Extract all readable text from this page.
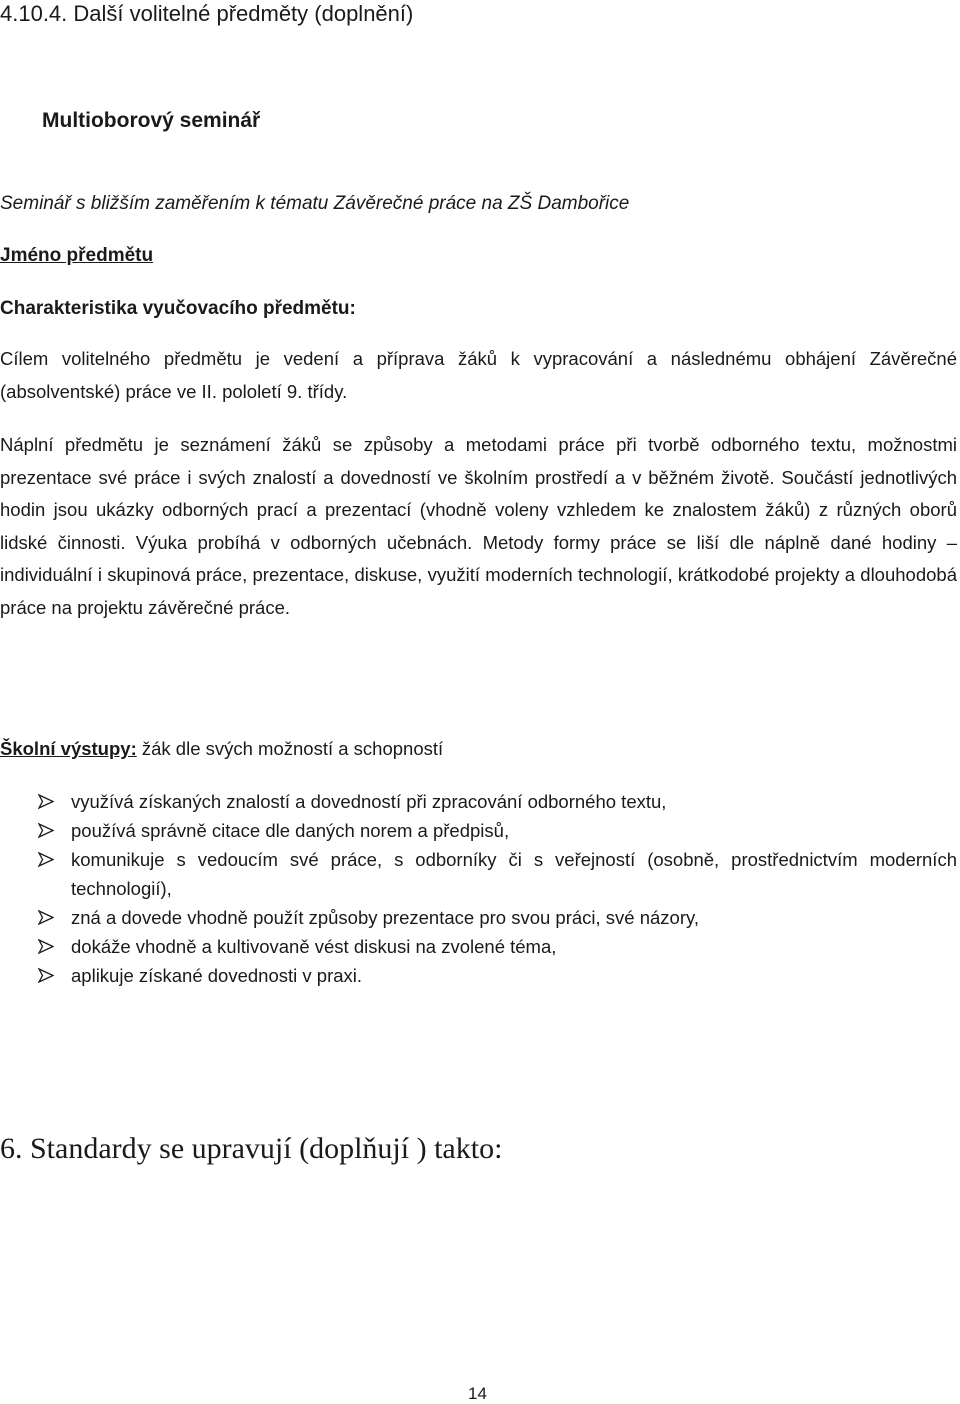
4.10.4. Další volitelné předměty (doplnění)
Multioborový seminář
Seminář s bližším zaměřením k tématu Závěrečné práce na ZŠ Dambořice
Jméno předmětu
Charakteristika vyučovacího předmětu:

Cílem volitelného předmětu je vedení a příprava žáků k vypracování a následnému obhájení Závěrečné (absolventské) práce ve II. pololetí 9. třídy.

Náplní předmětu je seznámení žáků se způsoby a metodami práce při tvorbě odborného textu, možnostmi prezentace své práce i svých znalostí a dovedností ve školním prostředí a v běžném životě. Součástí jednotlivých hodin jsou ukázky odborných prací a prezentací (vhodně voleny vzhledem ke znalostem žáků) z různých oborů lidské činnosti. Výuka probíhá v odborných učebnách. Metody formy práce se liší dle náplně dané hodiny – individuální i skupinová práce, prezentace, diskuse, využití moderních technologií, krátkodobé projekty a dlouhodobá práce na projektu závěrečné práce.

Školní výstupy: žák dle svých možností a schopností
využívá získaných znalostí a dovedností při zpracování odborného textu,
používá správně citace dle daných norem a předpisů,
komunikuje s vedoucím své práce, s odborníky či s veřejností (osobně, prostřednictvím moderních technologií),
zná a dovede vhodně použít způsoby prezentace pro svou práci, své názory,
dokáže vhodně a kultivovaně vést diskusi na zvolené téma,
aplikuje získané dovednosti v praxi.
6. Standardy se upravují (doplňují ) takto:
14
